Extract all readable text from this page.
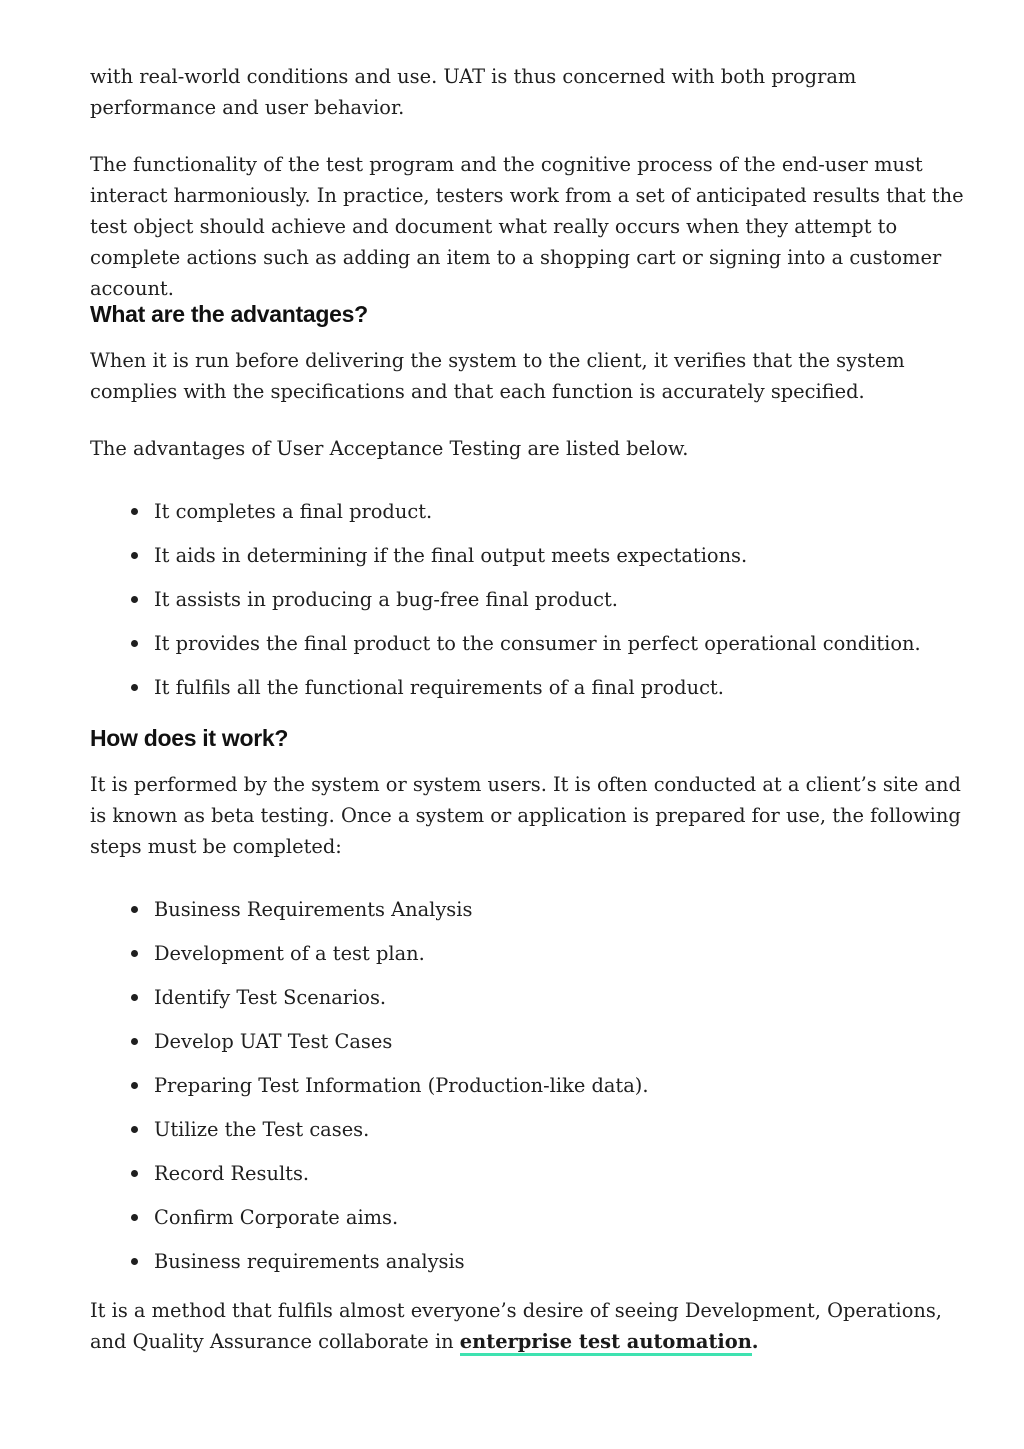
with real-world conditions and use. UAT is thus concerned with both program performance and user behavior.

The functionality of the test program and the cognitive process of the end-user must interact harmoniously. In practice, testers work from a set of anticipated results that the test object should achieve and document what really occurs when they attempt to complete actions such as adding an item to a shopping cart or signing into a customer account.

What are the advantages?

When it is run before delivering the system to the client, it verifies that the system complies with the specifications and that each function is accurately specified.

The advantages of User Acceptance Testing are listed below.

It completes a final product.
It aids in determining if the final output meets expectations.
It assists in producing a bug-free final product.
It provides the final product to the consumer in perfect operational condition.
It fulfils all the functional requirements of a final product.
How does it work?

It is performed by the system or system users. It is often conducted at a client’s site and is known as beta testing. Once a system or application is prepared for use, the following steps must be completed:

Business Requirements Analysis
Development of a test plan.
Identify Test Scenarios.
Develop UAT Test Cases
Preparing Test Information (Production-like data).
Utilize the Test cases.
Record Results.
Confirm Corporate aims.
Business requirements analysis

It is a method that fulfils almost everyone’s desire of seeing Development, Operations, and Quality Assurance collaborate in enterprise test automation.
